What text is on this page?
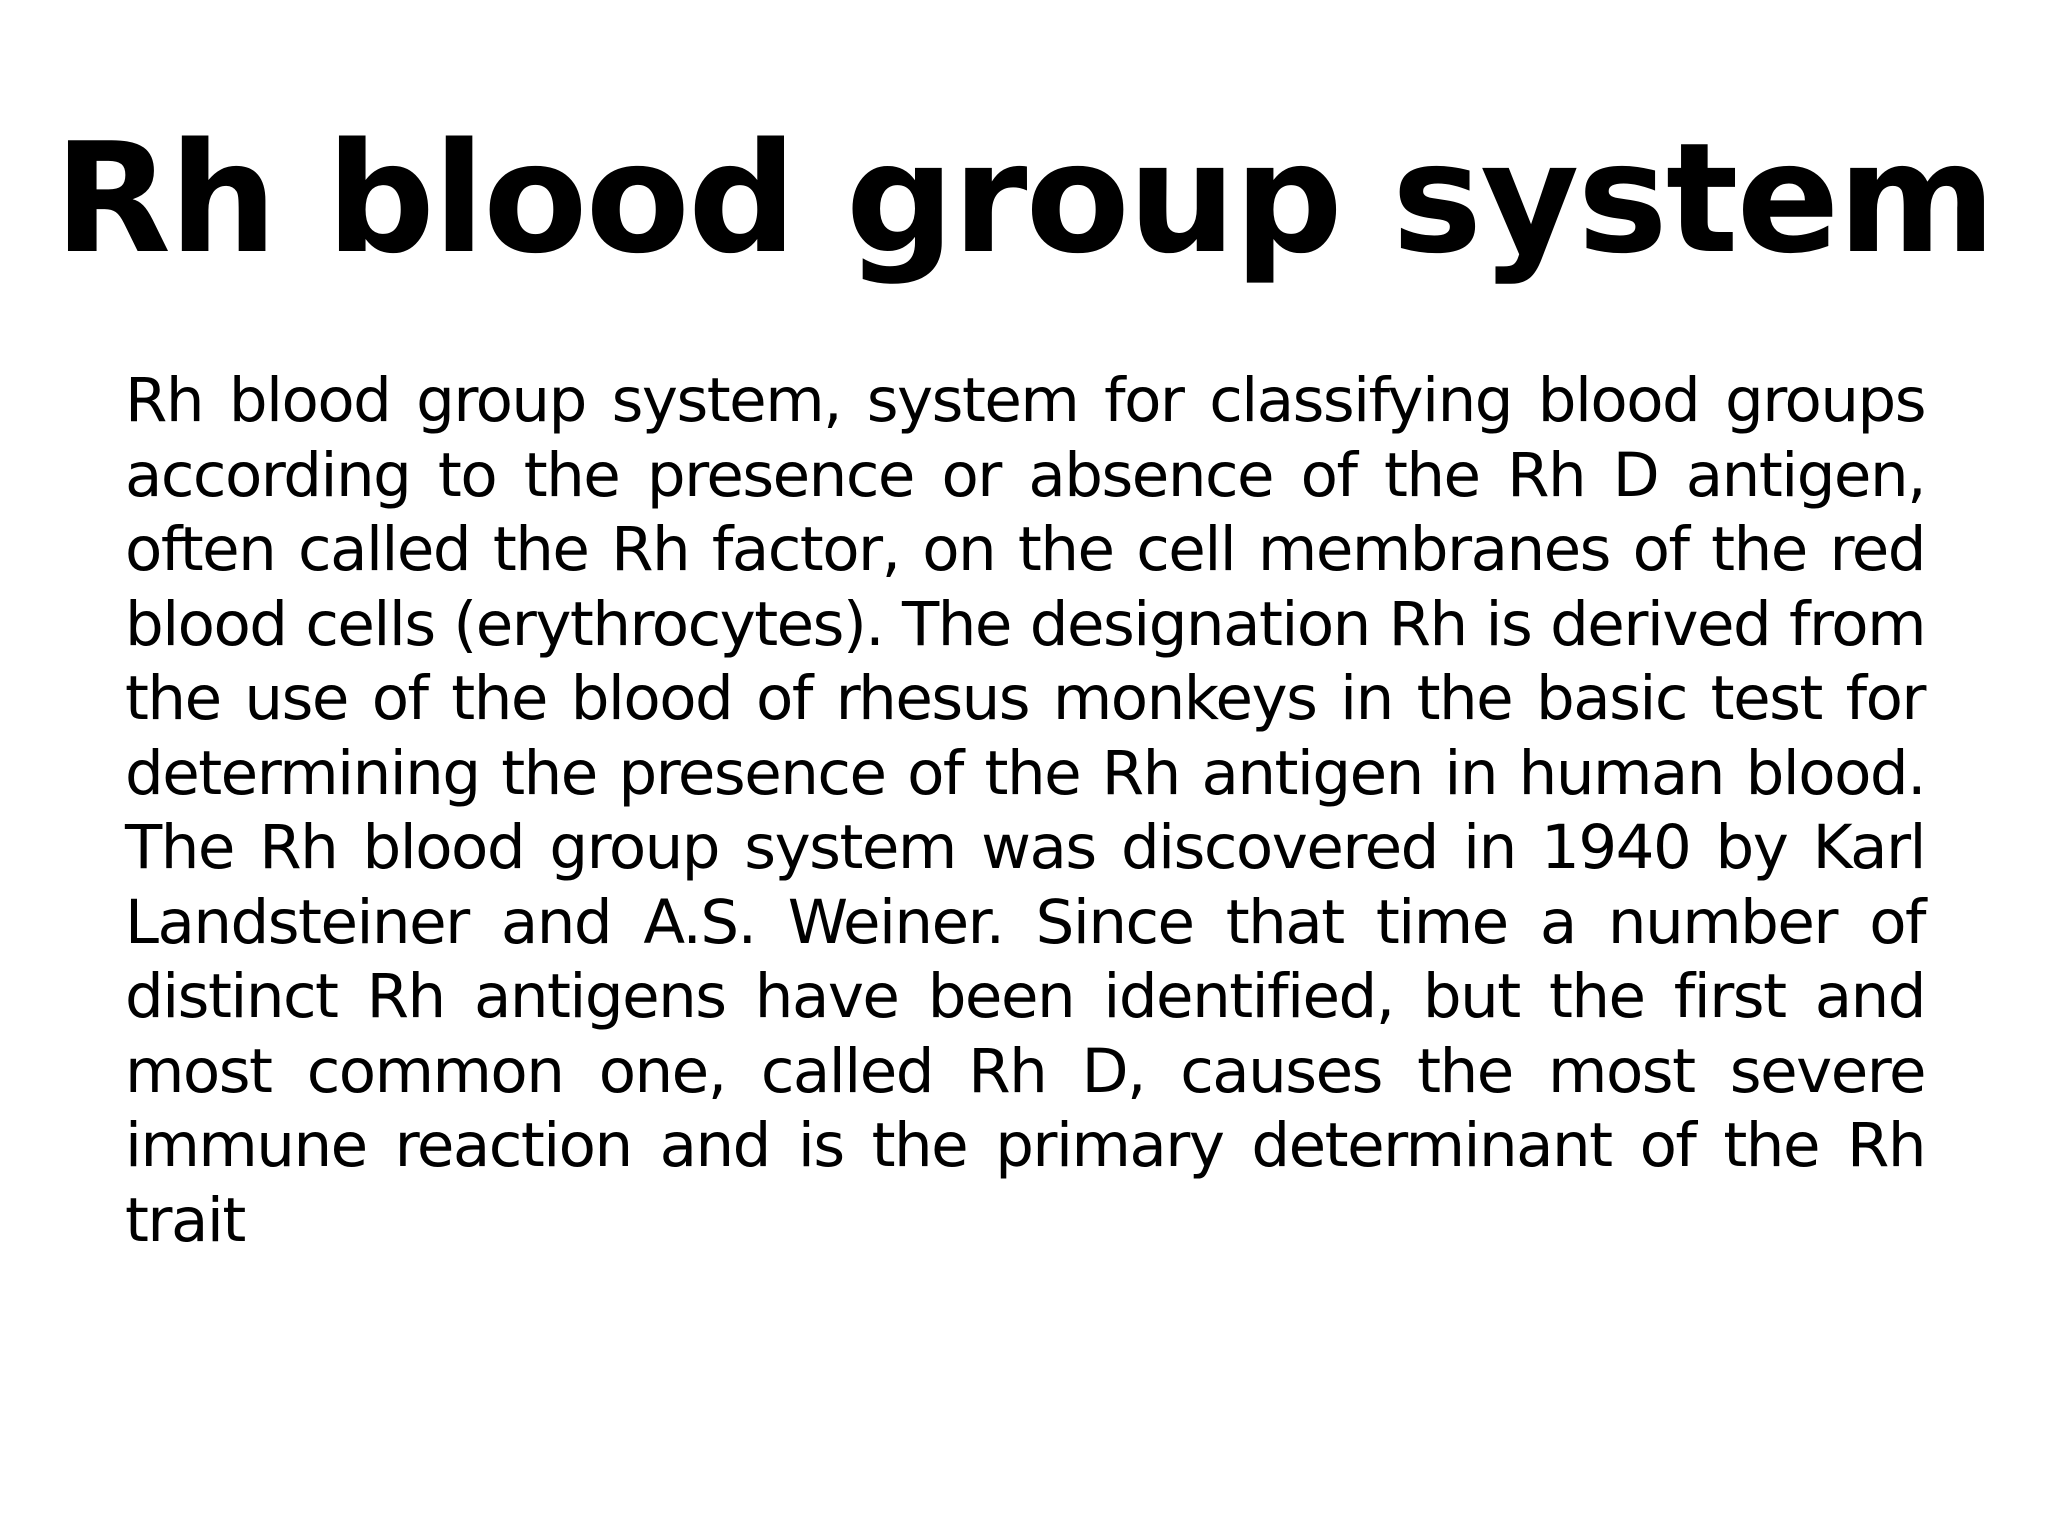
Rh blood group system

Rh blood group system, system for classifying blood groups according to the presence or absence of the Rh D antigen, often called the Rh factor, on the cell membranes of the red blood cells (erythrocytes). The designation Rh is derived from the use of the blood of rhesus monkeys in the basic test for determining the presence of the Rh antigen in human blood. The Rh blood group system was discovered in 1940 by Karl Landsteiner and A.S. Weiner. Since that time a number of distinct Rh antigens have been identified, but the first and most common one, called Rh D, causes the most severe immune reaction and is the primary determinant of the Rh trait
